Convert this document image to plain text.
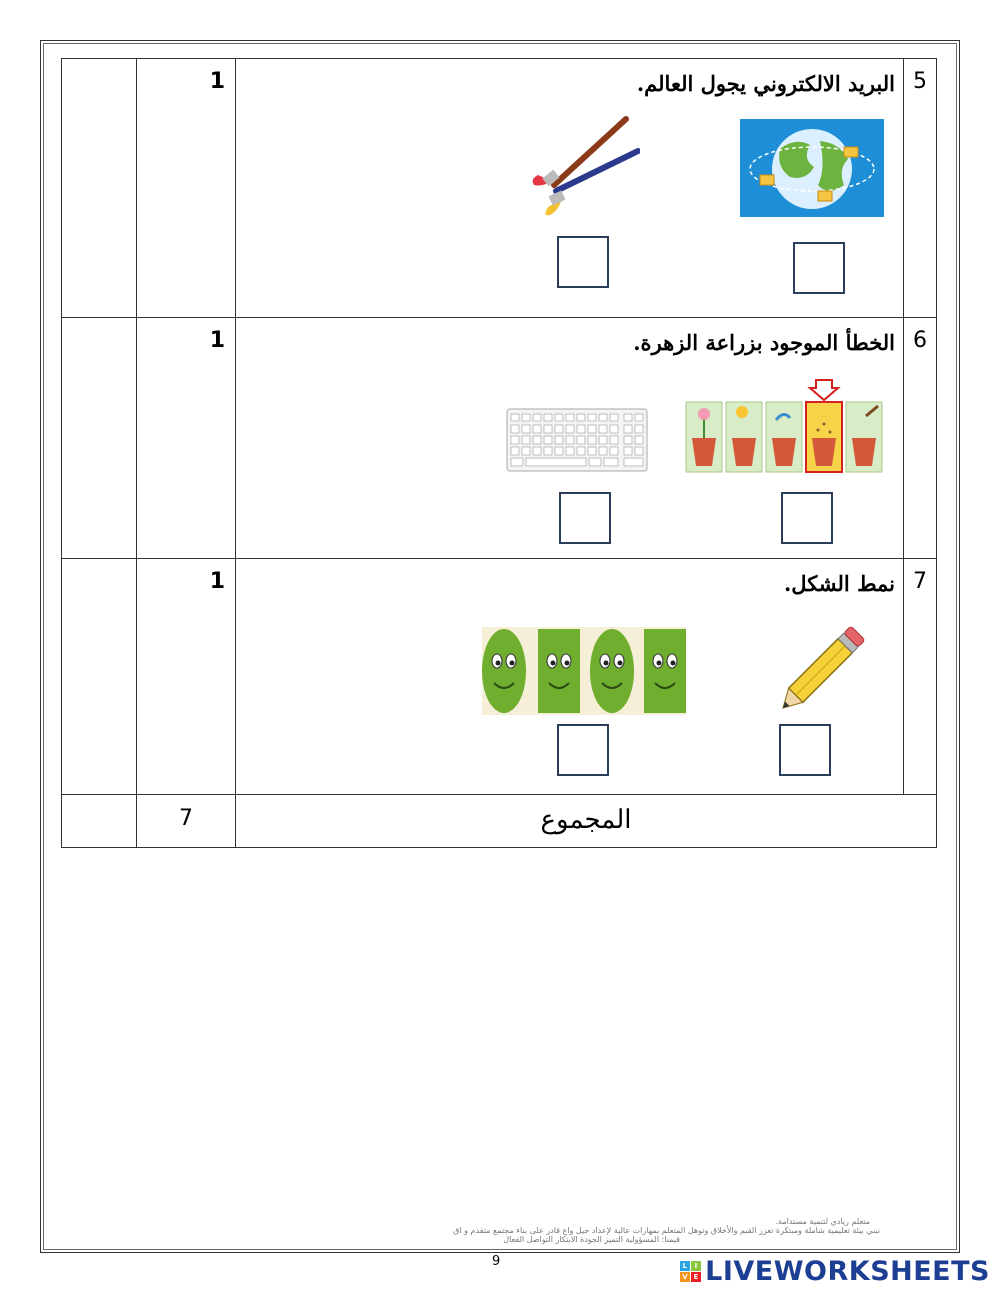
	1	البريد الالكتروني يجول العالم.	5

	1	الخطأ الموجود بزراعة الزهرة.	6

	1	نمط الشكل.	7
	7	المجموع	
متعلم ريادي لتنمية مستدامة.
نبني بيئة تعليمية شاملة ومبتكرة تعزز القيم والأخلاق وتوهل المتعلم بمهارات عالية لإعداد جيل واع قادر على بناء مجتمع متقدم و اق
قيمنا: المسؤولية التميز الجودة الابتكار التواصل الفعال
9	L I
V E LIVEWORKSHEETS
